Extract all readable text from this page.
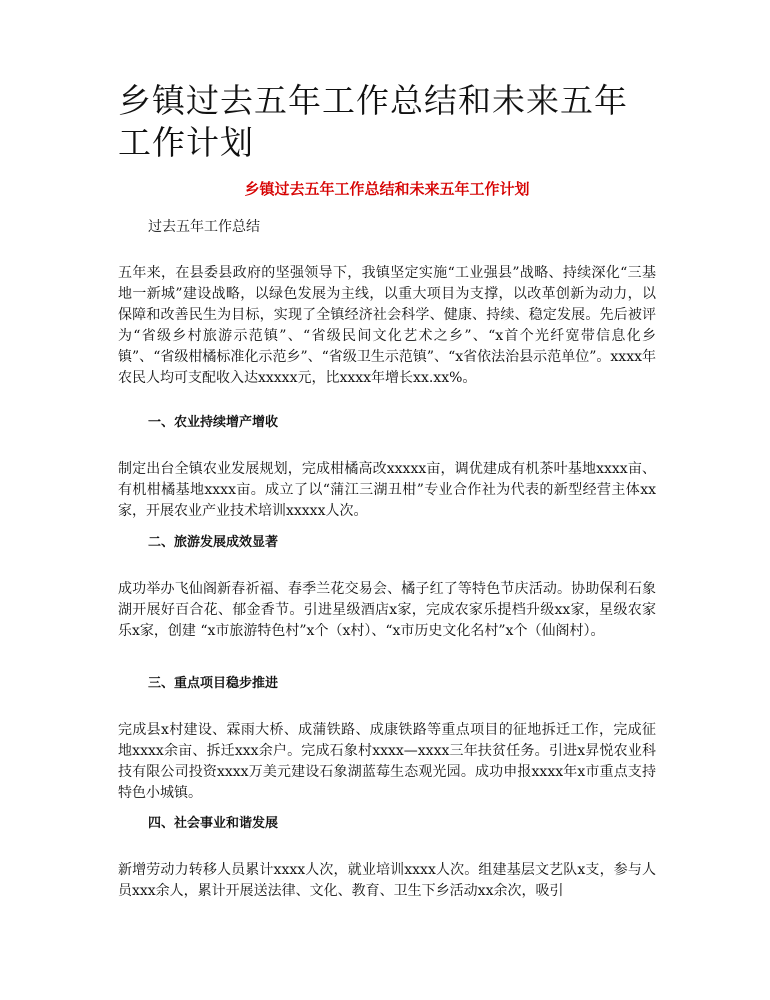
乡镇过去五年工作总结和未来五年工作计划
乡镇过去五年工作总结和未来五年工作计划
过去五年工作总结
五年来，在县委县政府的坚强领导下，我镇坚定实施“工业强县”战略、持续深化“三基地一新城”建设战略，以绿色发展为主线，以重大项目为支撑，以改革创新为动力，以保障和改善民生为目标，实现了全镇经济社会科学、健康、持续、稳定发展。先后被评为“省级乡村旅游示范镇”、“省级民间文化艺术之乡”、“x首个光纤宽带信息化乡镇”、“省级柑橘标准化示范乡”、“省级卫生示范镇”、“x省依法治县示范单位”。xxxx年农民人均可支配收入达xxxxx元，比xxxx年增长xx.xx%。
一、农业持续增产增收
制定出台全镇农业发展规划，完成柑橘高改xxxxx亩，调优建成有机茶叶基地xxxx亩、有机柑橘基地xxxx亩。成立了以“蒲江三湖丑柑”专业合作社为代表的新型经营主体xx家，开展农业产业技术培训xxxxx人次。
二、旅游发展成效显著
成功举办飞仙阁新春祈福、春季兰花交易会、橘子红了等特色节庆活动。协助保利石象湖开展好百合花、郁金香节。引进星级酒店x家，完成农家乐提档升级xx家，星级农家乐x家，创建 “x市旅游特色村”x个（x村）、“x市历史文化名村”x个（仙阁村）。
三、重点项目稳步推进
完成县x村建设、霖雨大桥、成蒲铁路、成康铁路等重点项目的征地拆迁工作，完成征地xxxx余亩、拆迁xxx余户。完成石象村xxxx—xxxx三年扶贫任务。引进x昇悦农业科技有限公司投资xxxx万美元建设石象湖蓝莓生态观光园。成功申报xxxx年x市重点支持特色小城镇。
四、社会事业和谐发展
新增劳动力转移人员累计xxxx人次，就业培训xxxx人次。组建基层文艺队x支，参与人员xxx余人，累计开展送法律、文化、教育、卫生下乡活动xx余次，吸引
